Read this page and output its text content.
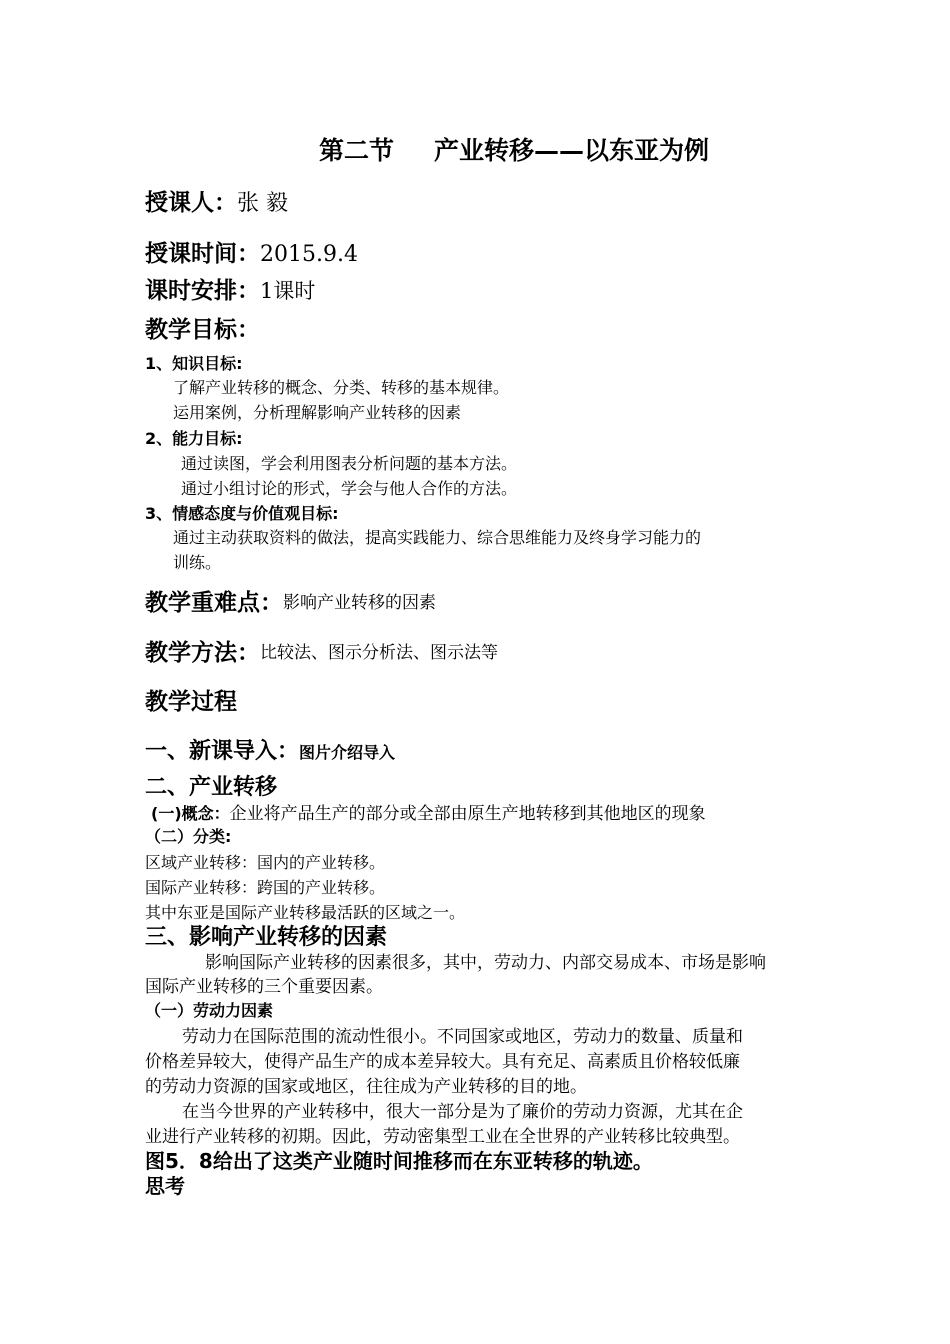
第二节 产业转移——以东亚为例
授课人：张 毅
授课时间：2015.9.4
课时安排：1课时
教学目标：
1、知识目标:
了解产业转移的概念、分类、转移的基本规律。
运用案例，分析理解影响产业转移的因素
2、能力目标:
通过读图，学会利用图表分析问题的基本方法。
通过小组讨论的形式，学会与他人合作的方法。
3、情感态度与价值观目标:
通过主动获取资料的做法，提高实践能力、综合思维能力及终身学习能力的
训练。
教学重难点：影响产业转移的因素
教学方法：比较法、图示分析法、图示法等
教学过程
一、新课导入：图片介绍导入
二、产业转移
(一)概念：企业将产品生产的部分或全部由原生产地转移到其他地区的现象
（二）分类:
区域产业转移：国内的产业转移。
国际产业转移：跨国的产业转移。
其中东亚是国际产业转移最活跃的区域之一。
三、影响产业转移的因素
影响国际产业转移的因素很多，其中，劳动力、内部交易成本、市场是影响
国际产业转移的三个重要因素。
（一）劳动力因素
劳动力在国际范围的流动性很小。不同国家或地区，劳动力的数量、质量和
价格差异较大，使得产品生产的成本差异较大。具有充足、高素质且价格较低廉
的劳动力资源的国家或地区，往往成为产业转移的目的地。
在当今世界的产业转移中，很大一部分是为了廉价的劳动力资源，尤其在企
业进行产业转移的初期。因此，劳动密集型工业在全世界的产业转移比较典型。
图5．8给出了这类产业随时间推移而在东亚转移的轨迹。
思考
